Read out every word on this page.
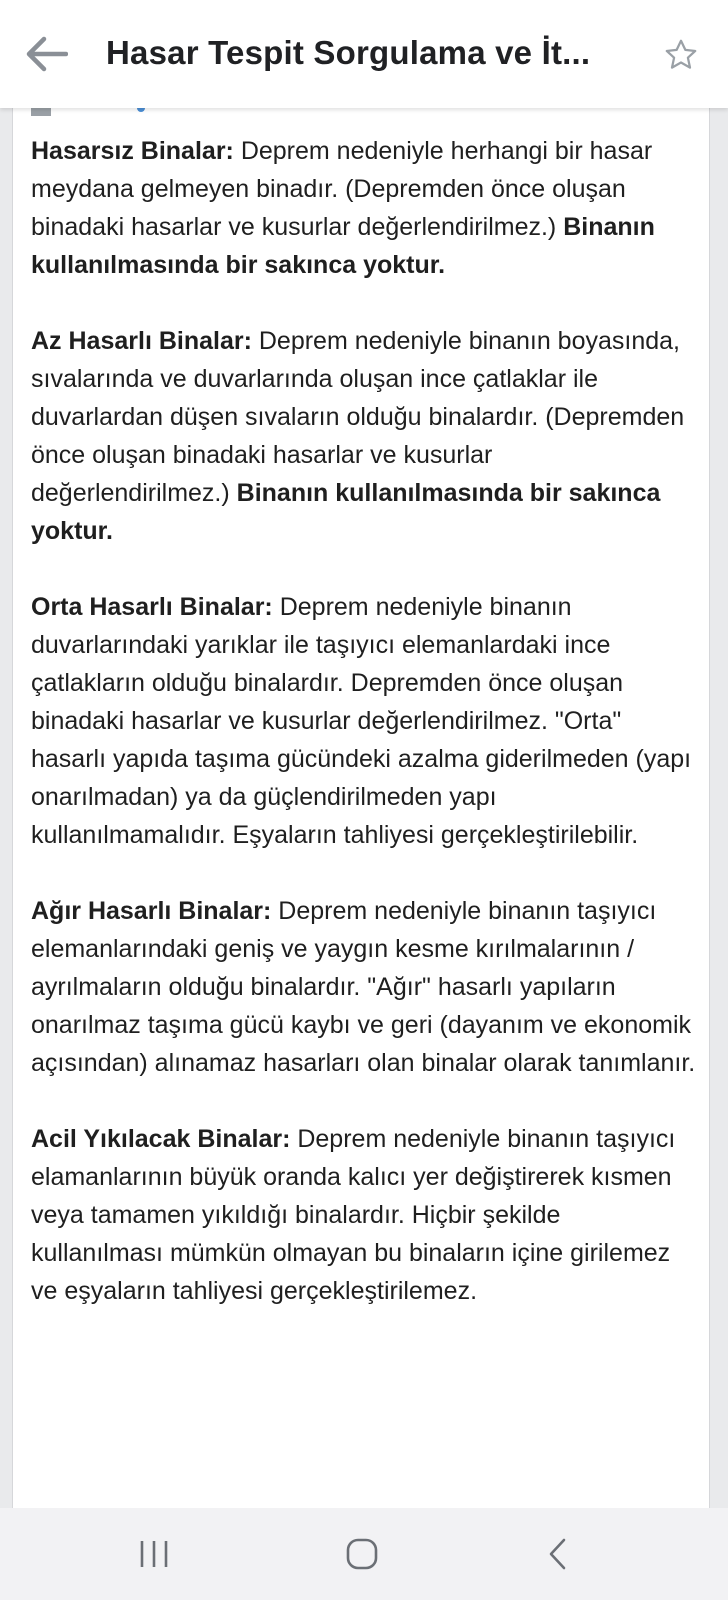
Hasar Tespit Sorgulama ve İt...

Hasarsız Binalar: Deprem nedeniyle herhangi bir hasar meydana gelmeyen binadır. (Depremden önce oluşan binadaki hasarlar ve kusurlar değerlendirilmez.) Binanın kullanılmasında bir sakınca yoktur.

Az Hasarlı Binalar: Deprem nedeniyle binanın boyasında, sıvalarında ve duvarlarında oluşan ince çatlaklar ile duvarlardan düşen sıvaların olduğu binalardır. (Depremden önce oluşan binadaki hasarlar ve kusurlar değerlendirilmez.) Binanın kullanılmasında bir sakınca yoktur.

Orta Hasarlı Binalar: Deprem nedeniyle binanın duvarlarındaki yarıklar ile taşıyıcı elemanlardaki ince çatlakların olduğu binalardır. Depremden önce oluşan binadaki hasarlar ve kusurlar değerlendirilmez. "Orta" hasarlı yapıda taşıma gücündeki azalma giderilmeden (yapı onarılmadan) ya da güçlendirilmeden yapı kullanılmamalıdır. Eşyaların tahliyesi gerçekleştirilebilir.

Ağır Hasarlı Binalar: Deprem nedeniyle binanın taşıyıcı elemanlarındaki geniş ve yaygın kesme kırılmalarının / ayrılmaların olduğu binalardır. "Ağır" hasarlı yapıların onarılmaz taşıma gücü kaybı ve geri (dayanım ve ekonomik açısından) alınamaz hasarları olan binalar olarak tanımlanır.

Acil Yıkılacak Binalar: Deprem nedeniyle binanın taşıyıcı elamanlarının büyük oranda kalıcı yer değiştirerek kısmen veya tamamen yıkıldığı binalardır. Hiçbir şekilde kullanılması mümkün olmayan bu binaların içine girilemez ve eşyaların tahliyesi gerçekleştirilemez.
